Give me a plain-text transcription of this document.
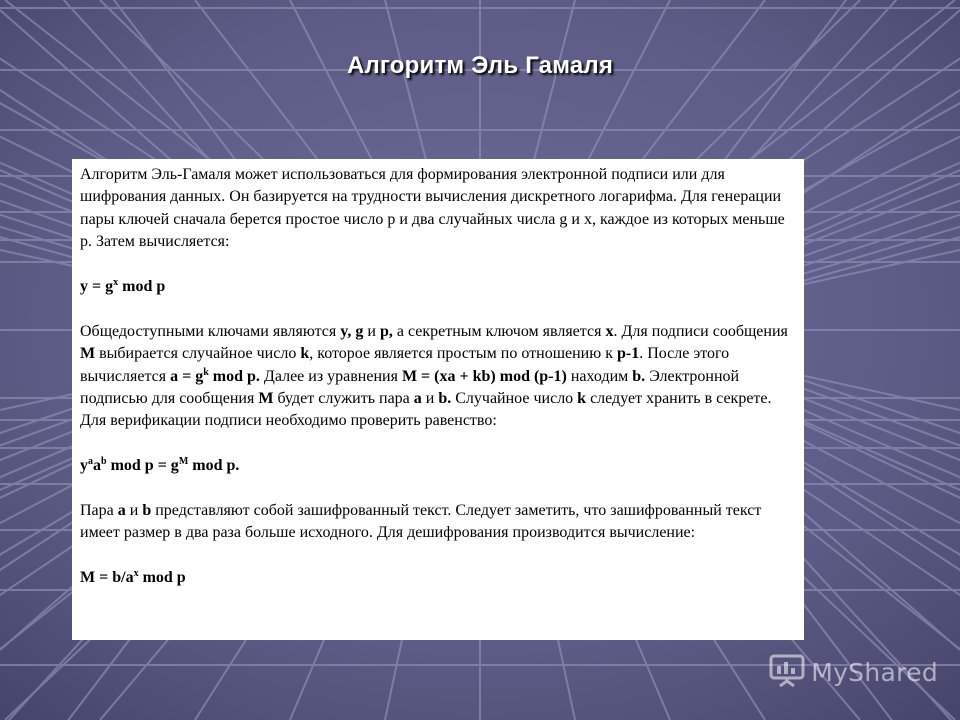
Алгоритм Эль Гамаля

Алгоритм Эль-Гамаля может использоваться для формирования электронной подписи или для шифрования данных. Он базируется на трудности вычисления дискретного логарифма. Для генерации пары ключей сначала берется простое число p и два случайных числа g и x, каждое из которых меньше p. Затем вычисляется:

$y = g^x$ mod p

Общедоступными ключами являются y, g и p, а секретным ключом является x. Для подписи сообщения M выбирается случайное число k, которое является простым по отношению к p-1. После этого вычисляется $a = g^k$ mod p. Далее из уравнения M = (xa + kb) mod (p-1) находим b. Электронной подписью для сообщения M будет служить пара a и b. Случайное число k следует хранить в секрете. Для верификации подписи необходимо проверить равенство:

$y^aa^b$ mod $p = g^M$ mod p.

Пара a и b представляют собой зашифрованный текст. Следует заметить, что зашифрованный текст имеет размер в два раза больше исходного. Для дешифрования производится вычисление:

$M = b/a^x$ mod p

MyShared
